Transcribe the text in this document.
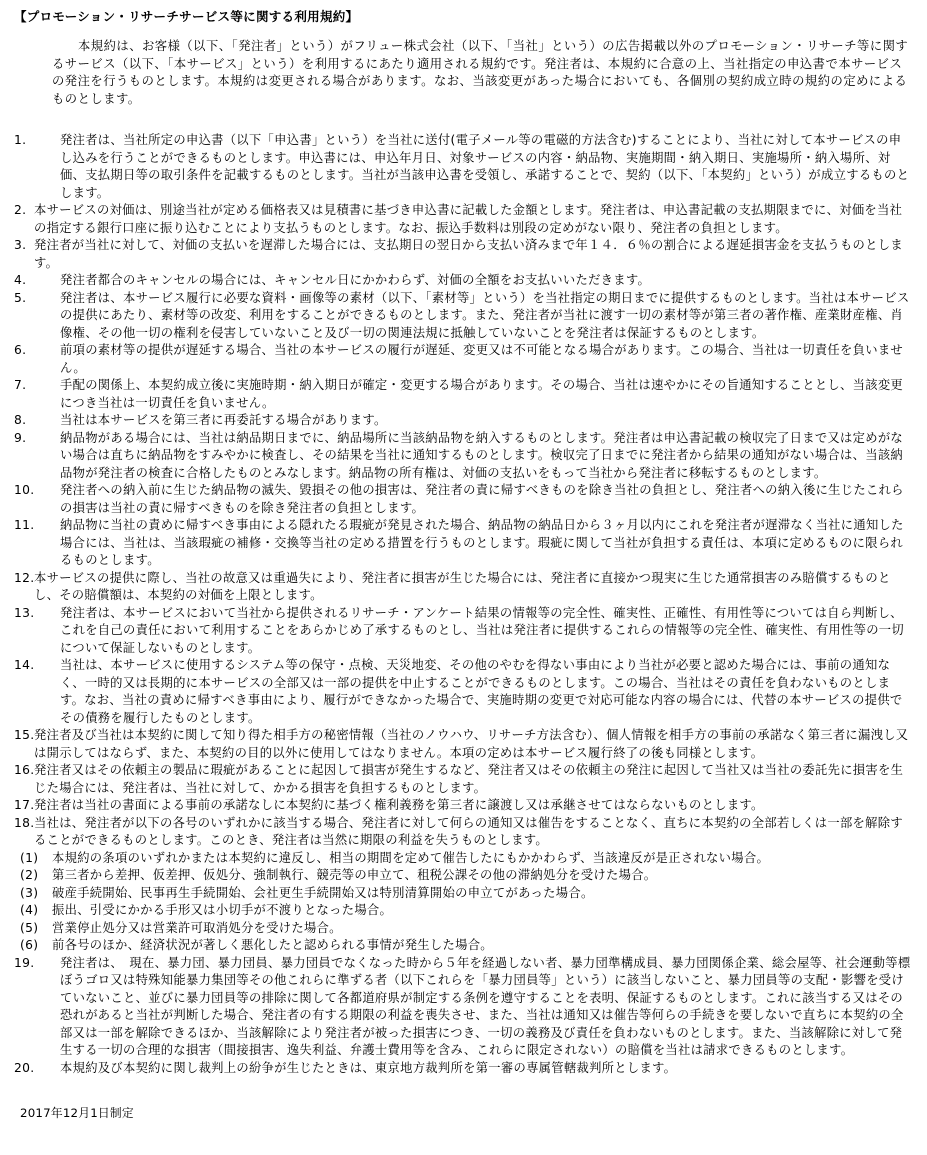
【プロモーション・リサーチサービス等に関する利用規約】
本規約は、お客様（以下、「発注者」という）がフリュー株式会社（以下、「当社」という）の広告掲載以外のプロモーション・リサーチ等に関するサービス（以下、「本サービス」という）を利用するにあたり適用される規約です。発注者は、本規約に合意の上、当社指定の申込書で本サービスの発注を行うものとします。本規約は変更される場合があります。なお、当該変更があった場合においても、各個別の契約成立時の規約の定めによるものとします。
1.	発注者は、当社所定の申込書（以下「申込書」という）を当社に送付(電子メール等の電磁的方法含む)することにより、当社に対して本サービスの申し込みを行うことができるものとします。申込書には、申込年月日、対象サービスの内容・納品物、実施期間・納入期日、実施場所・納入場所、対価、支払期日等の取引条件を記載するものとします。当社が当該申込書を受領し、承諾することで、契約（以下、「本契約」という）が成立するものとします。
2. 本サービスの対価は、別途当社が定める価格表又は見積書に基づき申込書に記載した金額とします。発注者は、申込書記載の支払期限までに、対価を当社の指定する銀行口座に振り込むことにより支払うものとします。なお、振込手数料は別段の定めがない限り、発注者の負担とします。
3. 発注者が当社に対して、対価の支払いを遅滞した場合には、支払期日の翌日から支払い済みまで年１４．６％の割合による遅延損害金を支払うものとします。
4.	発注者都合のキャンセルの場合には、キャンセル日にかかわらず、対価の全額をお支払いいただきます。
5.	発注者は、本サービス履行に必要な資料・画像等の素材（以下、「素材等」という）を当社指定の期日までに提供するものとします。当社は本サービスの提供にあたり、素材等の改変、利用をすることができるものとします。また、発注者が当社に渡す一切の素材等が第三者の著作権、産業財産権、肖像権、その他一切の権利を侵害していないこと及び一切の関連法規に抵触していないことを発注者は保証するものとします。
6.	前項の素材等の提供が遅延する場合、当社の本サービスの履行が遅延、変更又は不可能となる場合があります。この場合、当社は一切責任を負いません。
7.	手配の関係上、本契約成立後に実施時期・納入期日が確定・変更する場合があります。その場合、当社は速やかにその旨通知することとし、当該変更につき当社は一切責任を負いません。
8.	当社は本サービスを第三者に再委託する場合があります。
9.	納品物がある場合には、当社は納品期日までに、納品場所に当該納品物を納入するものとします。発注者は申込書記載の検収完了日まで又は定めがない場合は直ちに納品物をすみやかに検査し、その結果を当社に通知するものとします。検収完了日までに発注者から結果の通知がない場合は、当該納品物が発注者の検査に合格したものとみなします。納品物の所有権は、対価の支払いをもって当社から発注者に移転するものとします。
10. 発注者への納入前に生じた納品物の滅失、毀損その他の損害は、発注者の責に帰すべきものを除き当社の負担とし、発注者への納入後に生じたこれらの損害は当社の責に帰すべきものを除き発注者の負担とします。
11. 納品物に当社の責めに帰すべき事由による隠れたる瑕疵が発見された場合、納品物の納品日から３ヶ月以内にこれを発注者が遅滞なく当社に通知した場合には、当社は、当該瑕疵の補修・交換等当社の定める措置を行うものとします。瑕疵に関して当社が負担する責任は、本項に定めるものに限られるものとします。
12. 本サービスの提供に際し、当社の故意又は重過失により、発注者に損害が生じた場合には、発注者に直接かつ現実に生じた通常損害のみ賠償するものとし、その賠償額は、本契約の対価を上限とします。
13. 発注者は、本サービスにおいて当社から提供されるリサーチ・アンケート結果の情報等の完全性、確実性、正確性、有用性等については自ら判断し、これを自己の責任において利用することをあらかじめ了承するものとし、当社は発注者に提供するこれらの情報等の完全性、確実性、有用性等の一切について保証しないものとします。
14. 当社は、本サービスに使用するシステム等の保守・点検、天災地変、その他のやむを得ない事由により当社が必要と認めた場合には、事前の通知なく、一時的又は長期的に本サービスの全部又は一部の提供を中止することができるものとします。この場合、当社はその責任を負わないものとします。なお、当社の責めに帰すべき事由により、履行ができなかった場合で、実施時期の変更で対応可能な内容の場合には、代替の本サービスの提供でその債務を履行したものとします。
15. 発注者及び当社は本契約に関して知り得た相手方の秘密情報（当社のノウハウ、リサーチ方法含む）、個人情報を相手方の事前の承諾なく第三者に漏洩し又は開示してはならず、また、本契約の目的以外に使用してはなりません。本項の定めは本サービス履行終了の後も同様とします。
16. 発注者又はその依頼主の製品に瑕疵があることに起因して損害が発生するなど、発注者又はその依頼主の発注に起因して当社又は当社の委託先に損害を生じた場合には、発注者は、当社に対して、かかる損害を負担するものとします。
17. 発注者は当社の書面による事前の承諾なしに本契約に基づく権利義務を第三者に譲渡し又は承継させてはならないものとします。
18. 当社は、発注者が以下の各号のいずれかに該当する場合、発注者に対して何らの通知又は催告をすることなく、直ちに本契約の全部若しくは一部を解除することができるものとします。このとき、発注者は当然に期限の利益を失うものとします。
(1) 本規約の条項のいずれかまたは本契約に違反し、相当の期間を定めて催告したにもかかわらず、当該違反が是正されない場合。
(2) 第三者から差押、仮差押、仮処分、強制執行、競売等の申立て、租税公課その他の滞納処分を受けた場合。
(3) 破産手続開始、民事再生手続開始、会社更生手続開始又は特別清算開始の申立てがあった場合。
(4) 振出、引受にかかる手形又は小切手が不渡りとなった場合。
(5) 営業停止処分又は営業許可取消処分を受けた場合。
(6) 前各号のほか、経済状況が著しく悪化したと認められる事情が発生した場合。
19. 発注者は、　現在、暴力団、暴力団員、暴力団員でなくなった時から５年を経過しない者、暴力団準構成員、暴力団関係企業、総会屋等、社会運動等標ぼうゴロ又は特殊知能暴力集団等その他これらに準ずる者（以下これらを「暴力団員等」という）に該当しないこと、暴力団員等の支配・影響を受けていないこと、並びに暴力団員等の排除に関して各都道府県が制定する条例を遵守することを表明、保証するものとします。これに該当する又はその恐れがあると当社が判断した場合、発注者の有する期限の利益を喪失させ、また、当社は通知又は催告等何らの手続きを要しないで直ちに本契約の全部又は一部を解除できるほか、当該解除により発注者が被った損害につき、一切の義務及び責任を負わないものとします。また、当該解除に対して発生する一切の合理的な損害（間接損害、逸失利益、弁護士費用等を含み、これらに限定されない）の賠償を当社は請求できるものとします。
20. 本規約及び本契約に関し裁判上の紛争が生じたときは、東京地方裁判所を第一審の専属管轄裁判所とします。
2017年12月1日制定
